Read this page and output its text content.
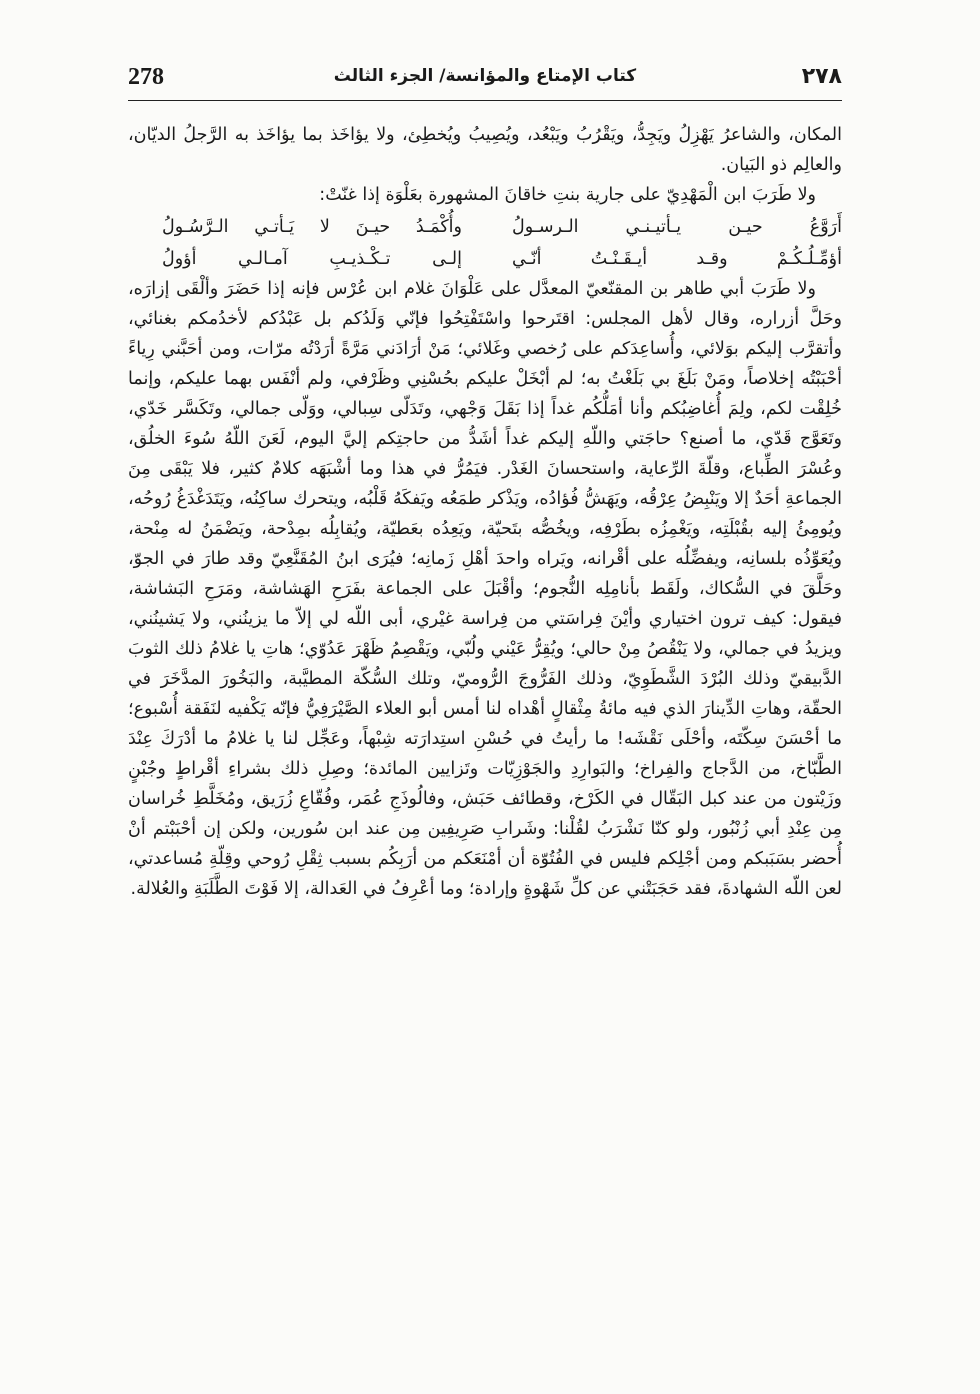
278	كتاب الإمتاع والمؤانسة/ الجزء الثالث	٢٧٨

المكان، والشاعرُ يَهْزِلُ ويَجِدُّ، ويَقْرُبُ ويَبْعُد، ويُصِيبُ ويُخطِئ، ولا يؤاخَذ بما يؤاخَذ به الرَّجلُ الديّان، والعالِم ذو البَيان.

ولا طَرَبَ ابن الْمَهْدِيّ على جارية بنتِ خاقانَ المشهورة بعَلْوَة إذا غنّتْ:

أَرَوَّعُ حيـن يـأتيـنـي الـرسـولُ
وأُكْمَـدُ حيـنَ لا يَـأتـي الـرَّسُـولُ
أؤمِّـلُـكُـمْ وقـد أيـقَـنْـتُ أنّـي
إلـى تـكْـذيـبِ آمـالـي أؤولُ

ولا طَرَبَ أبي طاهر بن المقنّعيّ المعدَّل على عَلْوَانَ غلام ابن عُرْس فإنه إذا حَضَرَ وألْقَى إزارَه، وحَلَّ أزراره، وقال لأهل المجلس: اقتَرحوا واسْتَفْتِحُوا فإنّي وَلَدُكم بل عَبْدُكم لأخدُمكم بغنائي، وأتقرَّب إليكم بوَلائي، وأُساعِدَكم على رُخصي وغَلائي؛ مَنْ أرَادَني مَرَّةً أرَدْتُه مرّات، ومن أحَبَّني رِياءً أحْبَبْتُه إخلاصاً، ومَنْ بَلَغَ بي بَلَغْتُ به؛ لم أبْخَلْ عليكم بحُسْنِي وظَرْفي، ولم أنْفَس بهما عليكم، وإنما خُلِقْت لكم، ولِمَ أُغاضِبُكم وأنا أمَلُّكُم غداً إذا بَقَلَ وَجْهي، وتَدَلّى سِبالي، ووَلّى جمالي، وتَكَسَّر خَدّي، وتَعَوَّج قَدّي، ما أصنع؟ حاجَتي واللّهِ إليكم غداً أشَدُّ من حاجتِكم إليَّ اليوم، لَعَنَ اللّهُ سُوءَ الخلُق، وعُسْرَ الطِّباع، وقلّةَ الرِّعاية، واستحسانَ الغَدْر. فيَمُرُّ في هذا وما أشْبَهَه كلامٌ كثير، فلا يَبْقَى مِنَ الجماعةِ أحَدٌ إلا ويَنْبِضُ عِرْقُه، ويَهَشُّ فُؤادُه، ويَذْكر طمَعُه ويَفكَهُ قَلْبُه، ويتحرك ساكِنُه، ويَتَدَغْدَغُ رُوحُه، ويُومِئُ إليه بقُبْلَتِه، ويَغْمِزُه بطَرْفِه، ويخُصُّه بتَحيّة، ويَعِدُه بعَطيّة، ويُقابِلُه بمِدْحة، ويَضْمَنُ له مِنْحة، ويُعَوِّذُه بلسانِه، ويفضِّلُه على أقْرانه، ويَراه واحدَ أهْلِ زَمانِه؛ فيُرَى ابنُ المُقَنَّعِيّ وقد طارَ في الجوّ، وحَلَّقَ في السُّكاك، ولَقَط بأنامِلِه النُّجوم؛ وأقْبَلَ على الجماعة بفَرَحِ الهَشاشة، ومَرَحِ البَشاشة، فيقول: كيف ترون اختياري وأيْنَ فِراسَتي من فِراسة غيْري، أبى اللّه لي إلاّ ما يزينُني، ولا يَشينُني، ويزيدُ في جمالي، ولا يَنْقُصُ مِنْ حالي؛ ويُقِرُّ عَيْني ولُبّي، ويَقْصِمُ ظَهْرَ عَدُوّي؛ هاتِ يا غلامُ ذلك الثوبَ الدَّبيقيّ وذلك البُرْدَ الشَّطَوِيّ، وذلك الفَرُّوجَ الرُّوميّ، وتلك السُّكّة المطيَّبة، والبَخُورَ المدَّخَرَ في الحقّة، وهاتِ الدِّينارَ الذي فيه مائةُ مِثْقالٍ أهْداه لنا أمس أبو العلاء الصَّيْرَفِيُّ فإنّه يَكْفيه لنَفَقة أُسْبوع؛ ما أحْسَنَ سِكّتَه، وأحْلَى نَقْشَه! ما رأيتُ في حُسْنِ استِدارَته شِبْهاً، وعَجِّل لنا يا غلامُ ما أدْرَكَ عِنْدَ الطَّبّاخ، من الدَّجاج والفِراخ؛ والبَوارِدِ والجَوْزِيّات وتَزايين المائدة؛ وصِلِ ذلك بشراءِ أقْراطٍ وجُبْنٍ وزَيْتون من عند كبل البَقّال في الكَرْخ، وقطائف حَبَش، وفالُوذَجِ عُمَر، وفُقّاعِ زُرَيق، ومُخَلَّطِ خُراسان مِن عِنْدِ أبي زُنْبُور، ولو كنّا نَشْرَبُ لقُلْنا: وشَرابِ صَرِيفِين مِن عند ابن سُورين، ولكن إن أحْبَبْتم أنْ أُحضر بسَبَبكم ومن أجْلِكم فليس في الفُتُوّة أن أمْنَعَكم من أرَبِكُم بسبب ثِقْلِ رُوحي وقِلّةِ مُساعدتي، لعن اللّه الشهادةَ، فقد حَجَبَتْني عن كلِّ شَهْوةٍ وإرادة؛ وما أعْرِفُ في العَدالة، إلا فَوْتَ الطَّلَبَةِ والعُلالة.
